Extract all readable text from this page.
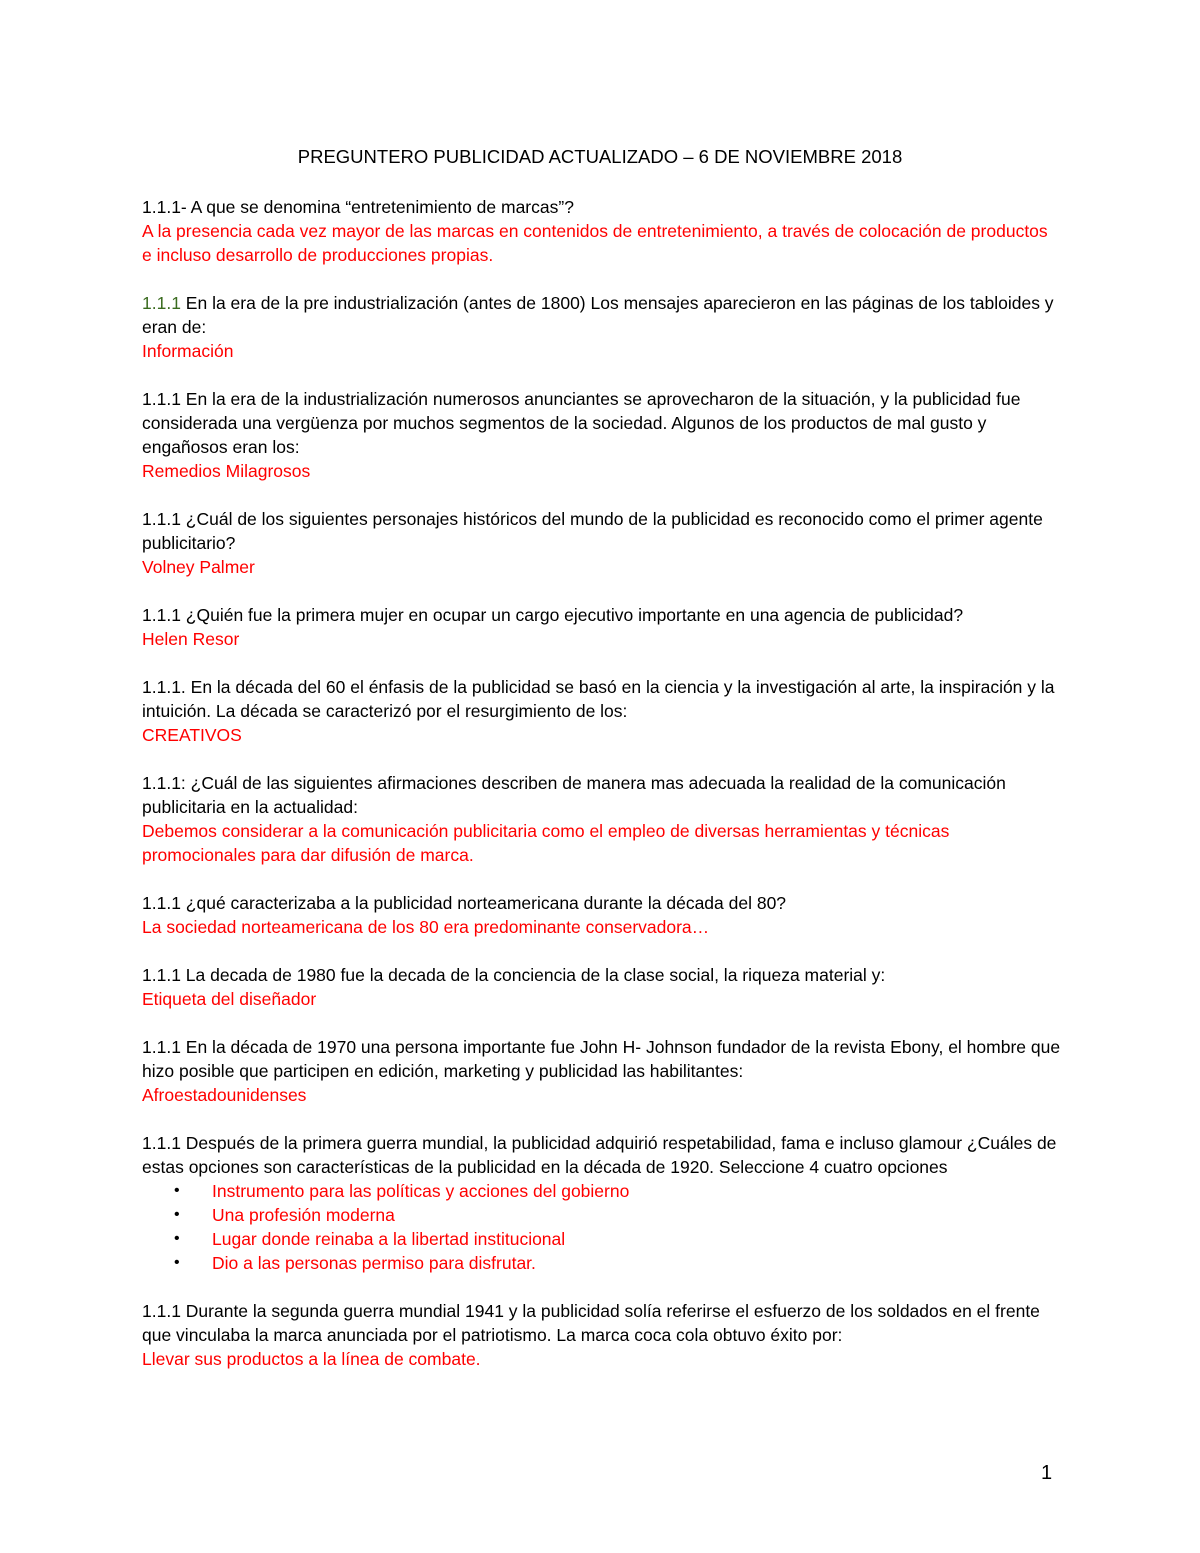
PREGUNTERO PUBLICIDAD ACTUALIZADO – 6 DE NOVIEMBRE 2018

1.1.1- A que se denomina “entretenimiento de marcas”?

A la presencia cada vez mayor de las marcas en contenidos de entretenimiento, a través de colocación de productos e incluso desarrollo de producciones propias.

1.1.1 En la era de la pre industrialización (antes de 1800) Los mensajes aparecieron en las páginas de los tabloides y eran de:

Información

1.1.1 En la era de la industrialización numerosos anunciantes se aprovecharon de la situación, y la publicidad fue considerada una vergüenza por muchos segmentos de la sociedad. Algunos de los productos de mal gusto y engañosos eran los:

Remedios Milagrosos

1.1.1 ¿Cuál de los siguientes personajes históricos del mundo de la publicidad es reconocido como el primer agente publicitario?

Volney Palmer

1.1.1 ¿Quién fue la primera mujer en ocupar un cargo ejecutivo importante en una agencia de publicidad?

Helen Resor

1.1.1. En la década del 60 el énfasis de la publicidad se basó en la ciencia y la investigación al arte, la inspiración y la intuición. La década se caracterizó por el resurgimiento de los:

CREATIVOS

1.1.1: ¿Cuál de las siguientes afirmaciones describen de manera mas adecuada la realidad de la comunicación publicitaria en la actualidad:

Debemos considerar a la comunicación publicitaria como el empleo de diversas herramientas y técnicas promocionales para dar difusión de marca.

1.1.1 ¿qué caracterizaba a la publicidad norteamericana durante la década del 80?

La sociedad norteamericana de los 80 era predominante conservadora…

1.1.1 La decada de 1980 fue la decada de la conciencia de la clase social, la riqueza material y:

Etiqueta del diseñador

1.1.1 En la década de 1970 una persona importante fue John H- Johnson fundador de la revista Ebony, el hombre que hizo posible que participen en edición, marketing y publicidad las habilitantes:

Afroestadounidenses

1.1.1 Después de la primera guerra mundial, la publicidad adquirió respetabilidad, fama e incluso glamour ¿Cuáles de estas opciones son características de la publicidad en la década de 1920. Seleccione 4 cuatro opciones

• Instrumento para las políticas y acciones del gobierno
• Una profesión moderna
• Lugar donde reinaba a la libertad institucional
• Dio a las personas permiso para disfrutar.

1.1.1 Durante la segunda guerra mundial 1941 y la publicidad solía referirse el esfuerzo de los soldados en el frente que vinculaba la marca anunciada por el patriotismo. La marca coca cola obtuvo éxito por:

Llevar sus productos a la línea de combate.

1
